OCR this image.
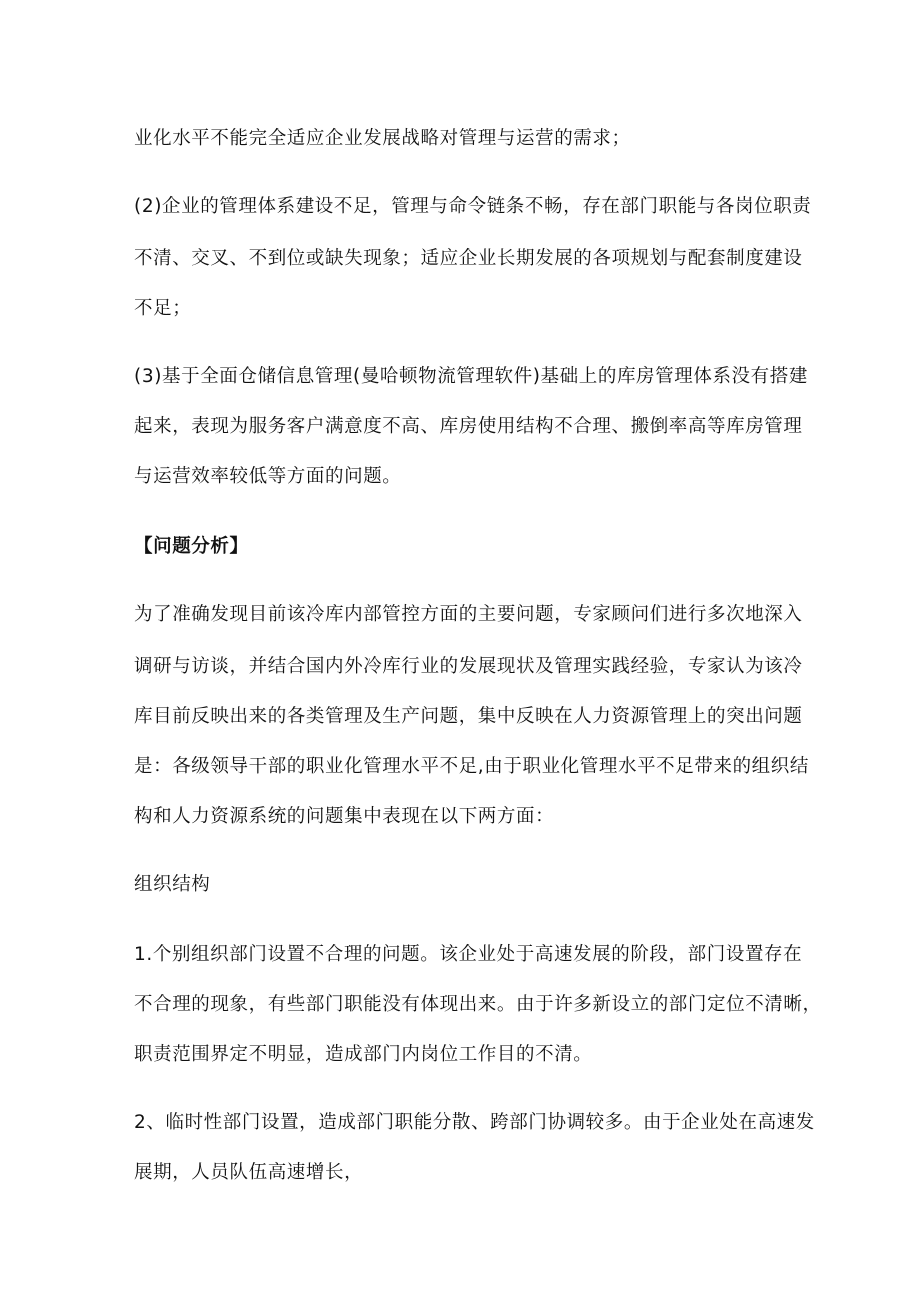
业化水平不能完全适应企业发展战略对管理与运营的需求；

(2)企业的管理体系建设不足，管理与命令链条不畅，存在部门职能与各岗位职责

不清、交叉、不到位或缺失现象；适应企业长期发展的各项规划与配套制度建设

不足；

(3)基于全面仓储信息管理(曼哈顿物流管理软件)基础上的库房管理体系没有搭建

起来，表现为服务客户满意度不高、库房使用结构不合理、搬倒率高等库房管理

与运营效率较低等方面的问题。

【问题分析】

为了准确发现目前该冷库内部管控方面的主要问题，专家顾问们进行多次地深入

调研与访谈，并结合国内外冷库行业的发展现状及管理实践经验，专家认为该冷

库目前反映出来的各类管理及生产问题，集中反映在人力资源管理上的突出问题

是：各级领导干部的职业化管理水平不足,由于职业化管理水平不足带来的组织结

构和人力资源系统的问题集中表现在以下两方面：

组织结构

1.个别组织部门设置不合理的问题。该企业处于高速发展的阶段，部门设置存在

不合理的现象，有些部门职能没有体现出来。由于许多新设立的部门定位不清晰，

职责范围界定不明显，造成部门内岗位工作目的不清。

2、临时性部门设置，造成部门职能分散、跨部门协调较多。由于企业处在高速发

展期，人员队伍高速增长，
